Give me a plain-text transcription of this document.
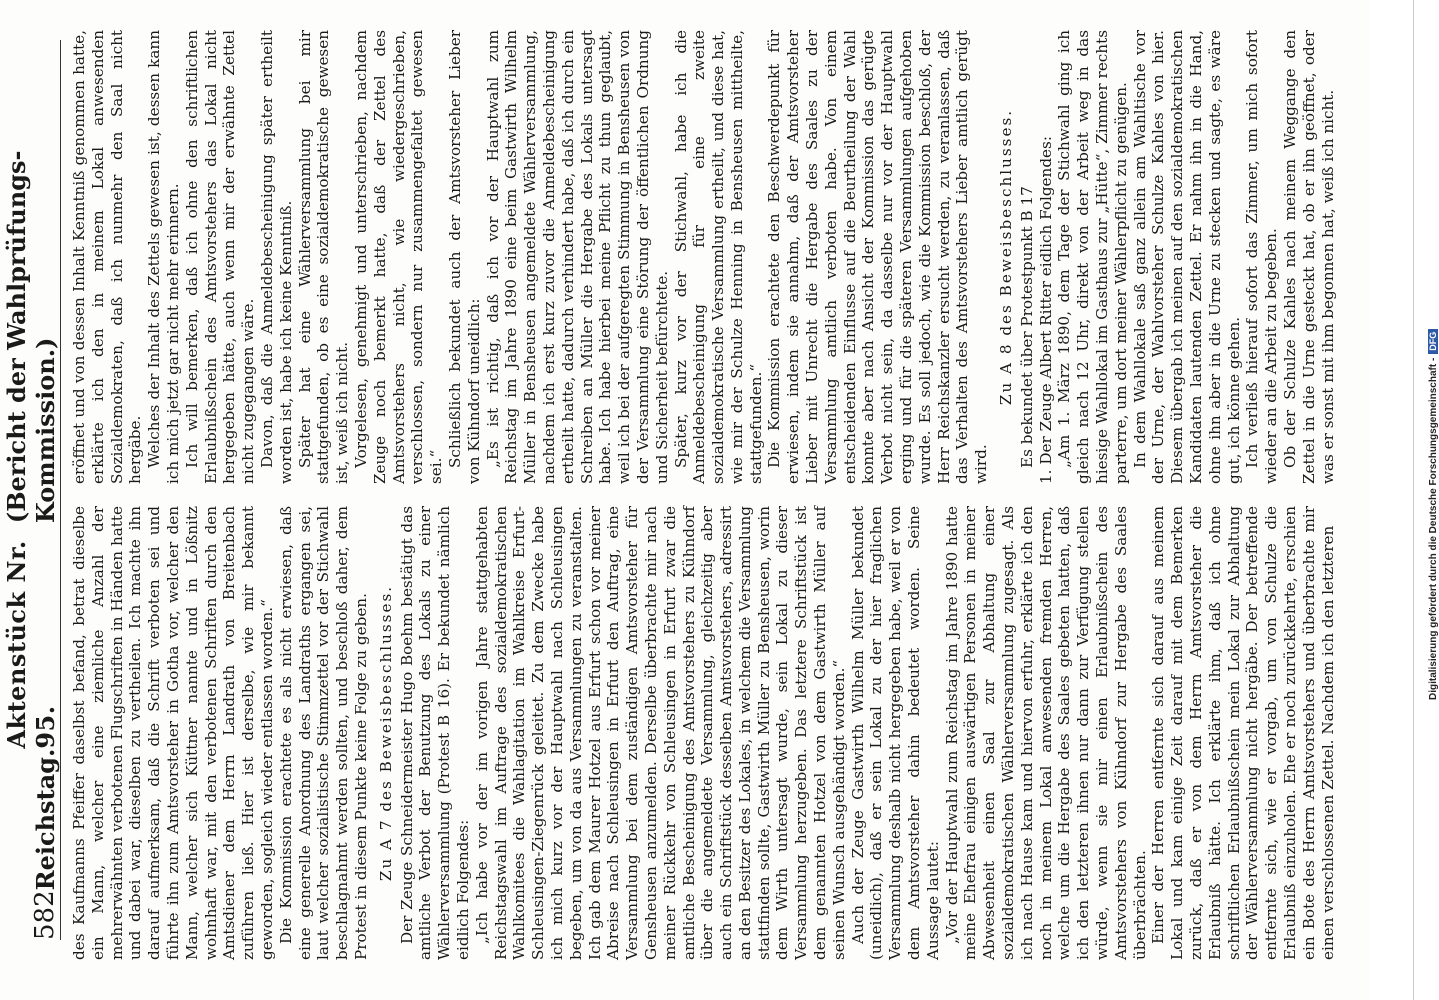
582
Reichstag.
Aktenstück Nr. 95.
(Bericht der Wahlprüfungs-Kommission.)

des Kaufmanns Pfeiffer daselbst befand, betrat dieselbe ein Mann, welcher eine ziemliche Anzahl der mehrerwähnten verbotenen Flugschriften in Händen hatte und dabei war, dieselben zu vertheilen. Ich machte ihn darauf aufmerksam, daß die Schrift verboten sei und führte ihn zum Amtsvorsteher in Gotha vor, welcher den Mann, welcher sich Küttner nannte und in Lößnitz wohnhaft war, mit den verbotenen Schriften durch den Amtsdiener dem Herrn Landrath von Breitenbach zuführen ließ. Hier ist derselbe, wie mir bekannt geworden, sogleich wieder entlassen worden.“ Die Kommission erachtete es als nicht erwiesen, daß eine generelle Anordnung des Landraths ergangen sei, laut welcher sozialistische Stimmzettel vor der Stichwahl beschlagnahmt werden sollten, und beschloß daher, dem Protest in diesem Punkte keine Folge zu geben. Zu A 7 des Beweisbeschlusses. Der Zeuge Schneidermeister Hugo Boehm bestätigt das amtliche Verbot der Benutzung des Lokals zu einer Wählerversammlung (Protest B 16). Er bekundet nämlich eidlich Folgendes: „Ich habe vor der im vorigen Jahre stattgehabten Reichstagswahl im Auftrage des sozialdemokratischen Wahlkomitees die Wahlagitation im Wahlkreise Erfurt-Schleusingen-Ziegenrück geleitet. Zu dem Zwecke habe ich mich kurz vor der Hauptwahl nach Schleusingen begeben, um von da aus Versammlungen zu veranstalten. Ich gab dem Maurer Hotzel aus Erfurt schon vor meiner Abreise nach Schleusingen in Erfurt den Auftrag, eine Versammlung bei dem zuständigen Amtsvorsteher für Gensheusen anzumelden. Derselbe überbrachte mir nach meiner Rückkehr von Schleusingen in Erfurt zwar die amtliche Bescheinigung des Amtsvorstehers zu Kühndorf über die angemeldete Versammlung, gleichzeitig aber auch ein Schriftstück desselben Amtsvorstehers, adressirt an den Besitzer des Lokales, in welchem die Versammlung stattfinden sollte, Gastwirth Müller zu Bensheusen, worin dem Wirth untersagt wurde, sein Lokal zu dieser Versammlung herzugeben. Das letztere Schriftstück ist dem genannten Hotzel von dem Gastwirth Müller auf seinen Wunsch ausgehändigt worden.“ Auch der Zeuge Gastwirth Wilhelm Müller bekundet (uneidlich), daß er sein Lokal zu der hier fraglichen Versammlung deshalb nicht hergegeben habe, weil er von dem Amtsvorsteher dahin bedeutet worden. Seine Aussage lautet: „Vor der Hauptwahl zum Reichstag im Jahre 1890 hatte meine Ehefrau einigen auswärtigen Personen in meiner Abwesenheit einen Saal zur Abhaltung einer sozialdemokratischen Wählerversammlung zugesagt. Als ich nach Hause kam und hiervon erfuhr, erklärte ich den noch in meinem Lokal anwesenden fremden Herren, welche um die Hergabe des Saales gebeten hatten, daß ich den letzteren ihnen nur dann zur Verfügung stellen würde, wenn sie mir einen Erlaubnißschein des Amtsvorstehers von Kühndorf zur Hergabe des Saales überbrächten. Einer der Herren entfernte sich darauf aus meinem Lokal und kam einige Zeit darauf mit dem Bemerken zurück, daß er von dem Herrn Amtsvorsteher die Erlaubniß hätte. Ich erklärte ihm, daß ich ohne schriftlichen Erlaubnißschein mein Lokal zur Abhaltung der Wählerversammlung nicht hergäbe. Der betreffende entfernte sich, wie er vorgab, um von Schulze die Erlaubniß einzuholen. Ehe er noch zurückkehrte, erschien ein Bote des Herrn Amtsvorstehers und überbrachte mir einen verschlossenen Zettel. Nachdem ich den letzteren

eröffnet und von dessen Inhalt Kenntniß genommen hatte, erklärte ich den in meinem Lokal anwesenden Sozialdemokraten, daß ich nunmehr den Saal nicht hergäbe. Welches der Inhalt des Zettels gewesen ist, dessen kann ich mich jetzt gar nicht mehr erinnern. Ich will bemerken, daß ich ohne den schriftlichen Erlaubnißschein des Amtsvorstehers das Lokal nicht hergegeben hätte, auch wenn mir der erwähnte Zettel nicht zugegangen wäre. Davon, daß die Anmeldebescheinigung später ertheilt worden ist, habe ich keine Kenntniß. Später hat eine Wählerversammlung bei mir stattgefunden, ob es eine sozialdemokratische gewesen ist, weiß ich nicht. Vorgelesen, genehmigt und unterschrieben, nachdem Zeuge noch bemerkt hatte, daß der Zettel des Amtsvorstehers nicht, wie wiedergeschrieben, verschlossen, sondern nur zusammengefaltet gewesen sei.“ Schließlich bekundet auch der Amtsvorsteher Lieber von Kühndorf uneidlich: „Es ist richtig, daß ich vor der Hauptwahl zum Reichstag im Jahre 1890 eine beim Gastwirth Wilhelm Müller in Bensheusen angemeldete Wählerversammlung, nachdem ich erst kurz zuvor die Anmeldebescheinigung ertheilt hatte, dadurch verhindert habe, daß ich durch ein Schreiben an Müller die Hergabe des Lokals untersagt habe. Ich habe hierbei meine Pflicht zu thun geglaubt, weil ich bei der aufgeregten Stimmung in Bensheusen von der Versammlung eine Störung der öffentlichen Ordnung und Sicherheit befürchtete. Später, kurz vor der Stichwahl, habe ich die Anmeldebescheinigung für eine zweite sozialdemokratische Versammlung ertheilt, und diese hat, wie mir der Schulze Henning in Bensheusen mittheilte, stattgefunden.“ Die Kommission erachtete den Beschwerdepunkt für erwiesen, indem sie annahm, daß der Amtsvorsteher Lieber mit Unrecht die Hergabe des Saales zu der Versammlung amtlich verboten habe. Von einem entscheidenden Einflusse auf die Beurtheilung der Wahl konnte aber nach Ansicht der Kommission das gerügte Verbot nicht sein, da dasselbe nur vor der Hauptwahl erging und für die späteren Versammlungen aufgehoben wurde. Es soll jedoch, wie die Kommission beschloß, der Herr Reichskanzler ersucht werden, zu veranlassen, daß das Verhalten des Amtsvorstehers Lieber amtlich gerügt wird.

Zu A 8 des Beweisbeschlusses. Es bekundet über Protestpunkt B 17 1. Der Zeuge Albert Ritter eidlich Folgendes: „Am 1. März 1890, dem Tage der Stichwahl ging ich gleich nach 12 Uhr, direkt von der Arbeit weg in das hiesige Wahllokal im Gasthaus zur „Hütte“, Zimmer rechts parterre, um dort meiner Wählerpflicht zu genügen. In dem Wahllokale saß ganz allein am Wahltische vor der Urne, der Wahlvorsteher Schulze Kahles von hier. Diesem übergab ich meinen auf den sozialdemokratischen Kandidaten lautenden Zettel. Er nahm ihn in die Hand, ohne ihn aber in die Urne zu stecken und sagte, es wäre gut, ich könne gehen. Ich verließ hierauf sofort das Zimmer, um mich sofort wieder an die Arbeit zu begeben. Ob der Schulze Kahles nach meinem Weggange den Zettel in die Urne gesteckt hat, ob er ihn geöffnet, oder was er sonst mit ihm begonnen hat, weiß ich nicht.

Digitalisierung gefördert durch die Deutsche Forschungsgemeinschaft -DFG
